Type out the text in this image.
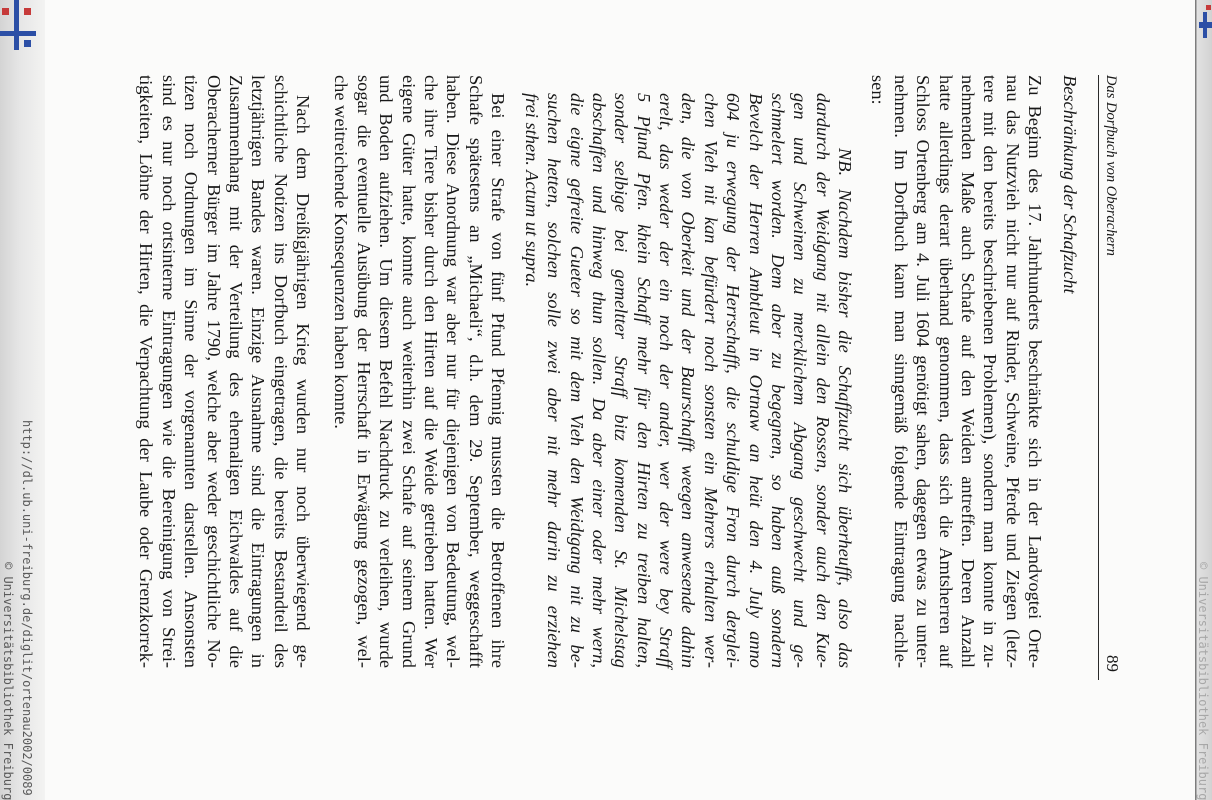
http://dl.ub.uni-freiburg.de/diglit/ortenau2002/0089
© Universitätsbibliothek Freiburg
Das Dorfbuch von Oberachern
89
Beschränkung der Schafzucht
Zu Beginn des 17. Jahrhunderts beschränkte sich in der Landvogtei Orte-
nau das Nutzvieh nicht nur auf Rinder, Schweine, Pferde und Ziegen (letz-
tere mit den bereits beschriebenen Problemen), sondern man konnte in zu-
nehmenden Maße auch Schafe auf den Weiden antreffen. Deren Anzahl
hatte allerdings derart überhand genommen, dass sich die Amtsherren auf
Schloss Ortenberg am 4. Juli 1604 genötigt sahen, dagegen etwas zu unter-
nehmen. Im Dorfbuch kann man sinngemäß folgende Eintragung nachle-
sen:
NB. Nachdem bisher die Schaffzucht sich überheufft, also das
dardurch der Weidgang nit allein den Rossen, sonder auch den Kue-
gen und Schweinen zu mercklichem Abgang geschwecht und ge-
schmelert worden. Dem aber zu begegnen, so haben auß sondern
Bevelch der Herren Ambtleut in Ortnaw an heüt den 4. July anno
604 ju erwegung der Herrschafft, die schuldige Fron durch derglei-
chen Vieh nit kan befürdert noch sonsten ein Mehrers erhalten wer-
den, die von Oberkeit und der Baurschafft weegen anwesende dahin
erelt, das weder der ein noch der ander, wer der were bey Straff
5 Pfund Pfen. khein Schaff mehr für den Hirten zu treiben halten,
sonder selbige bei gemeltter Straff bitz komenden St. Michelstag
abschaffen und hinweg thun sollen. Da aber einer oder mehr wern,
die eigne gefreite Gueter so mit dem Vieh den Weidtgang nit zu be-
suchen hetten, solchen solle zwei aber nit mehr darin zu erziehen
frei sthen. Actum ut supra.
Bei einer Strafe von fünf Pfund Pfennig mussten die Betroffenen ihre
Schafe spätestens an „Michaeli“, d.h. dem 29. September, weggeschafft
haben. Diese Anordnung war aber nur für diejenigen von Bedeutung, wel-
che ihre Tiere bisher durch den Hirten auf die Weide getrieben hatten. Wer
eigene Güter hatte, konnte auch weiterhin zwei Schafe auf seinem Grund
und Boden aufziehen. Um diesem Befehl Nachdruck zu verleihen, wurde
sogar die eventuelle Ausübung der Herrschaft in Erwägung gezogen, wel-
che weitreichende Konsequenzen haben konnte.
Nach dem Dreißigjährigen Krieg wurden nur noch überwiegend ge-
schichtliche Notizen ins Dorfbuch eingetragen, die bereits Bestandteil des
letztjährigen Bandes waren. Einzige Ausnahme sind die Eintragungen in
Zusammenhang mit der Verteilung des ehemaligen Eichwaldes auf die
Oberacherner Bürger im Jahre 1790, welche aber weder geschichtliche No-
tizen noch Ordnungen im Sinne der vorgenannten darstellen. Ansonsten
sind es nur noch ortsinterne Eintragungen wie die Bereinigung von Strei-
tigkeiten, Löhne der Hirten, die Verpachtung der Laube oder Grenzkorrek-
© Universitätsbibliothek Freiburg
